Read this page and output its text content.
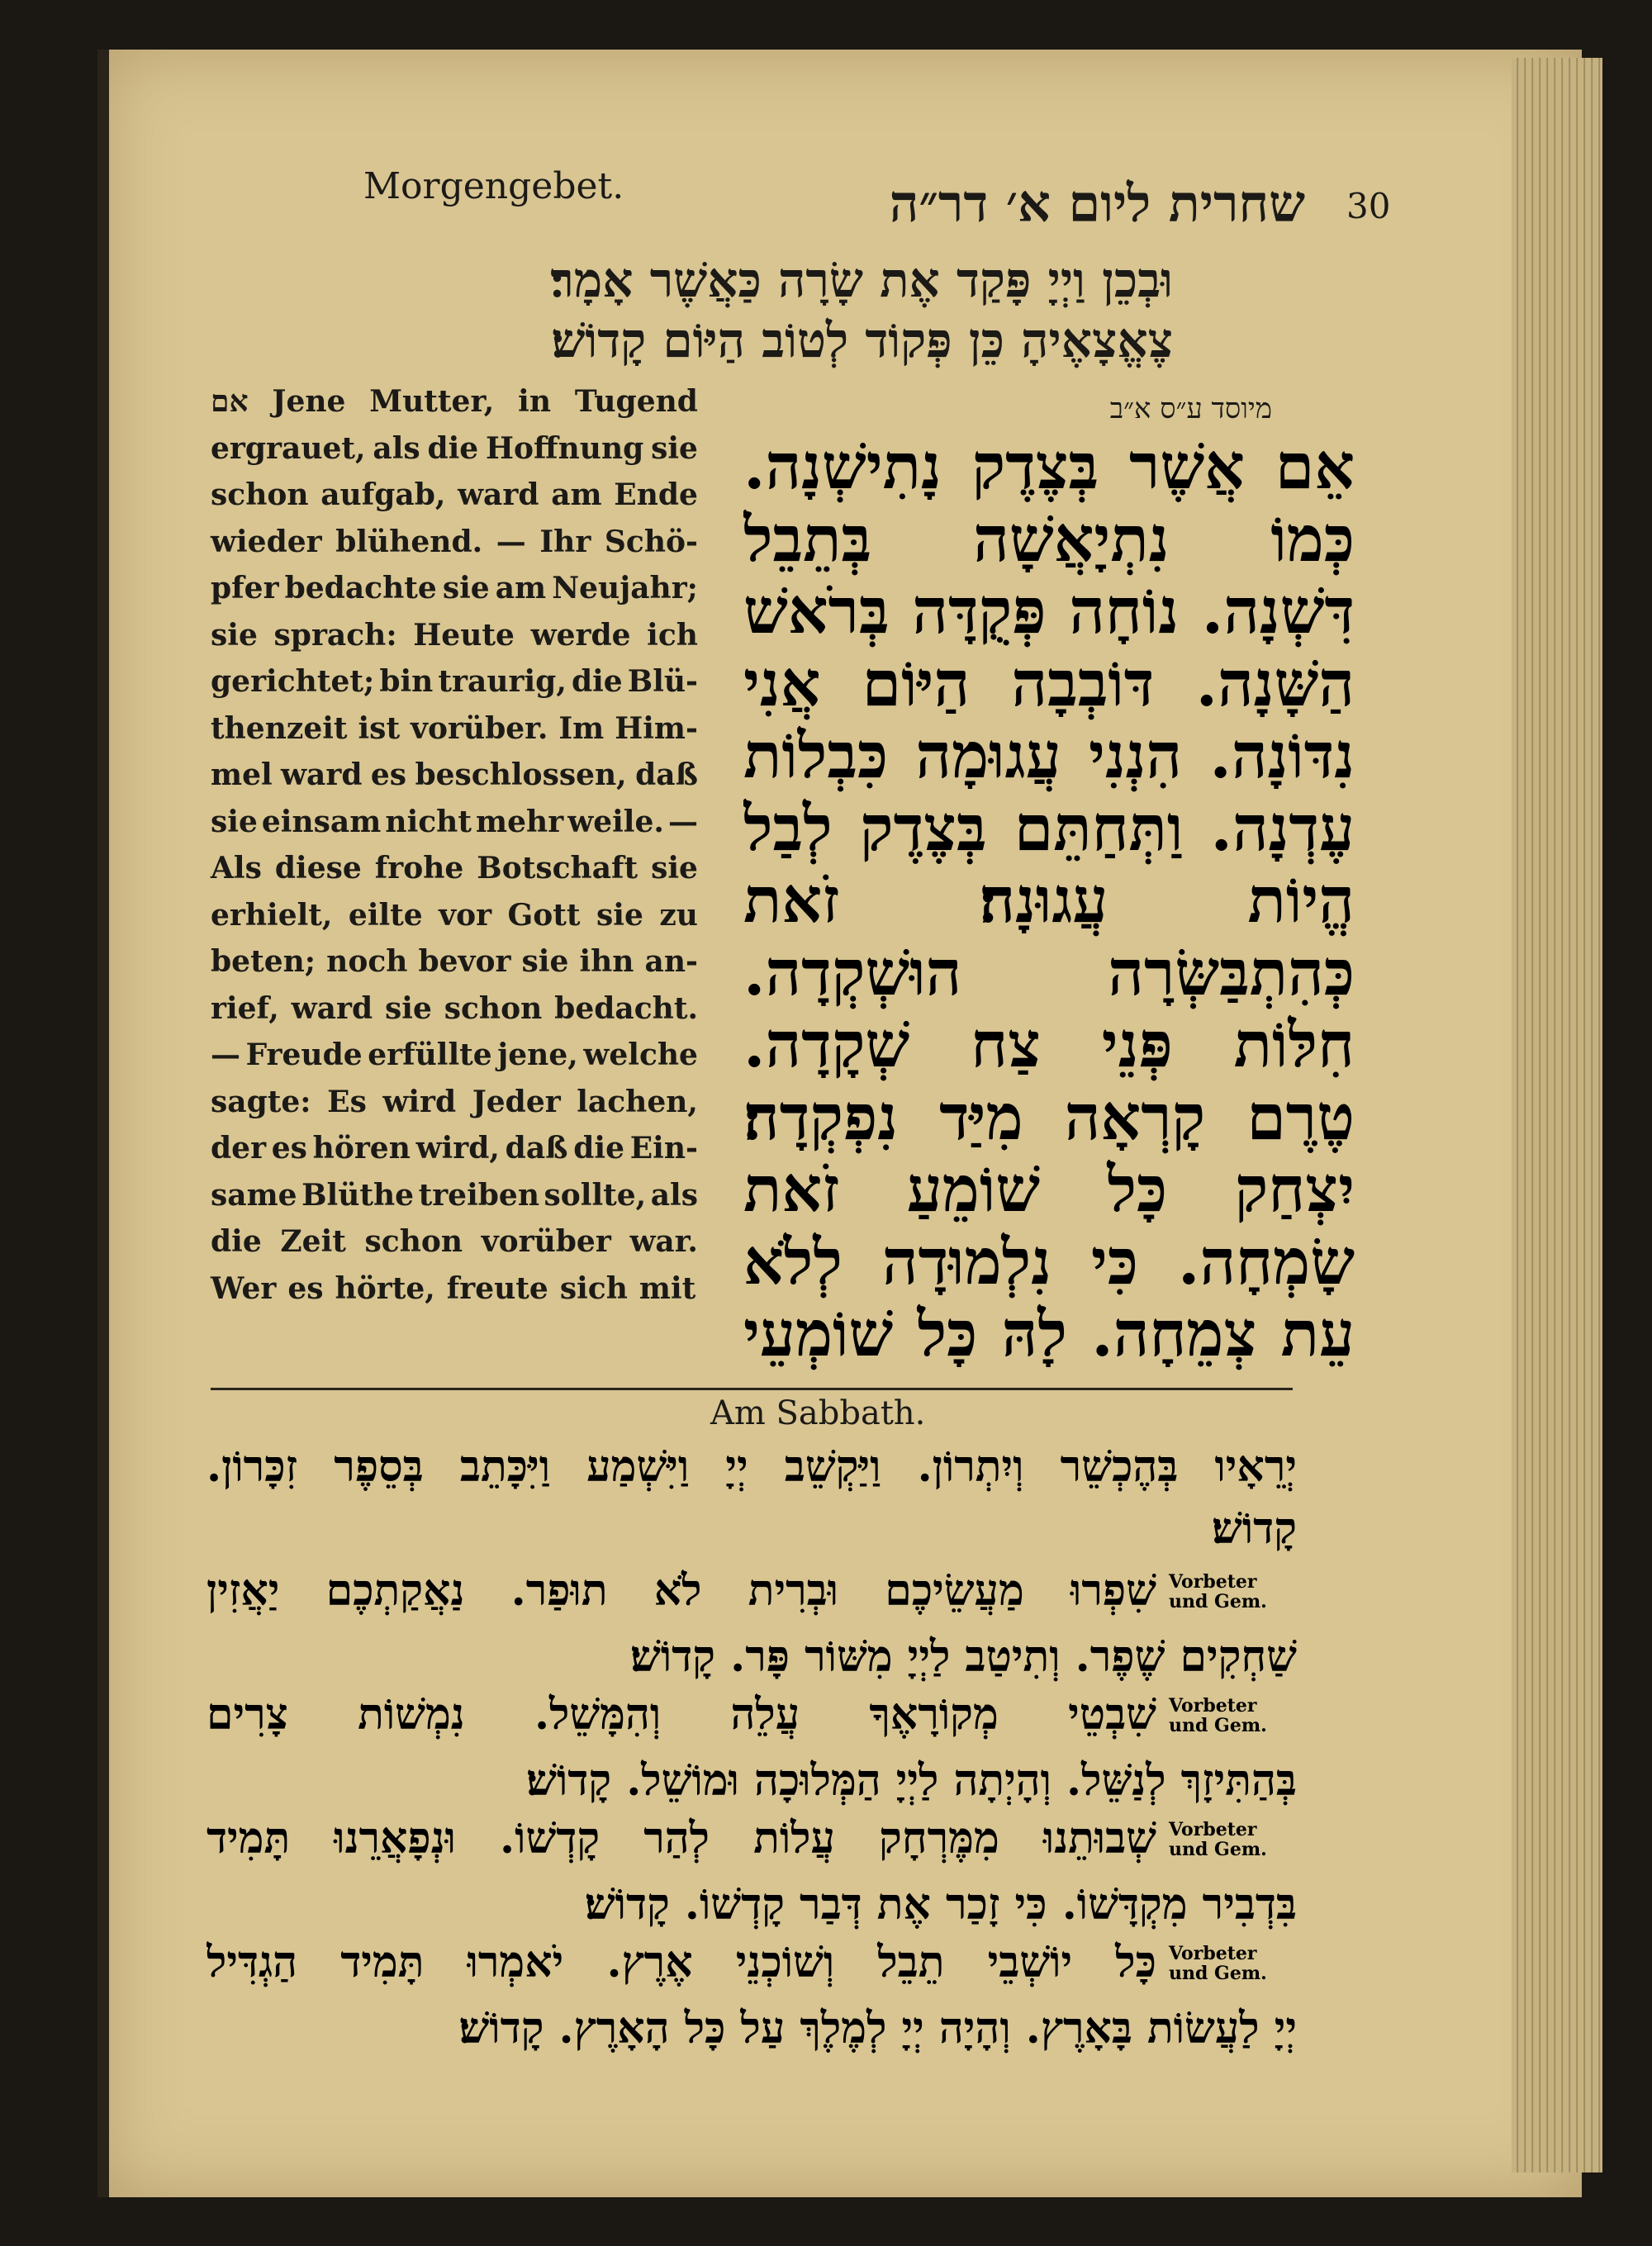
Morgengebet.	שחרית ליום א׳ דר״ה 30
וּבְכֵן וַיְיָ פָּקַד אֶת שָׂרָה כַּאֲשֶׁר אָמָר׃
צֶאֱצָאֶיהָ כֵּן פְּקוֹד לְטוֹב הַיּוֹם קָדוֹשׁ׃
מיוסד ע״ס א״ב
אם Jene Mutter, in Tugend
ergrauet, als die Hoffnung sie
schon aufgab, ward am Ende
wieder blühend. — Ihr Schö-
pfer bedachte sie am Neujahr;
sie sprach: Heute werde ich
gerichtet; bin traurig, die Blü-
thenzeit ist vorüber. Im Him-
mel ward es beschlossen, daß
sie einsam nicht mehr weile. —
Als diese frohe Botschaft sie
erhielt, eilte vor Gott sie zu
beten; noch bevor sie ihn an-
rief, ward sie schon bedacht.
— Freude erfüllte jene, welche
sagte: Es wird Jeder lachen,
der es hören wird, daß die Ein-
same Blüthe treiben sollte, als
die Zeit schon vorüber war.
Wer es hörte, freute sich mit
אֵם אֲשֶׁר בְּצֶדֶק נָתִישְׁנָה.
כְּמוֹ נִתְיָאֲשָׁה בְּתֵבֵל
דִּשְׁנָה. נוֹחָה פְּקֻדָּה בְּרֹאשׁ
הַשָּׁנָה. דּוֹבְבָה הַיּוֹם אֲנִי
נִדּוֹנָה. הִנְנִי עֲגוּמָה כִּבְלוֹת
עֶדְנָה. וַתְּחַתֵּם בְּצֶדֶק לְבַל
הֱיוֹת עֲגוּנָה׃ זֹאת
כְּהִתְבַּשְּׂרָה הוּשְׁקְדָה.
חִלּוֹת פְּנֵי צַח שְׁקָדָה.
טֶרֶם קָרְאָה מִיַּד נִפְקְדָה׃
יִצְחַק כָּל שׁוֹמֵעַ זֹאת
שָׂמְחָה. כִּי נִלְמוּדָה לְלֹא
עֵת צְמֵחָה. לָהּ כָּל שׁוֹמְעֵי
Am Sabbath.
יְרֵאָיו בְּהֶכְשֵׁר וְיִתְרוֹן. וַיַּקְשֵׁב יְיָ וַיִּשְׁמַע וַיִּכָּתֵב בְּסֵפֶר זִכָּרוֹן.
קָדוֹשׁ׃
שִׁפְרוּ מַעֲשֵׂיכֶם וּבְרִית לֹא תוּפַר. נַאֲקַתְכֶם יַאֲזִין
שַׁחְקִים שֶׁפֶר. וְתִיטַב לַיְיָ מִשּׁוֹר פָּר. קָדוֹשׁ׃
שִׁבְטֵי מְקוֹרָאֶךָ עֲלֵה וְהִמָּשֵׁל. נִמְשׁוֹת צָרִים
בְּהַתִּיזָךְ לְנַשֵּׁל. וְהָיְתָה לַיְיָ הַמְּלוּכָה וּמוֹשֵׁל. קָדוֹשׁ׃
שְׁבוּתֵנוּ מִמֶּרְחָק עֲלוֹת לְהַר קָדְשׁוֹ. וּנְפָאֲרֵנוּ תָּמִיד
בִּדְבִיר מִקְדָּשׁוֹ. כִּי זָכַר אֶת דְּבַר קָדְשׁוֹ. קָדוֹשׁ׃
כָּל יוֹשְׁבֵי תֵבֵל וְשׁוֹכְנֵי אֶרֶץ. יֹאמְרוּ תָּמִיד הַגְדִּיל
יְיָ לַעֲשׂוֹת בָּאָרֶץ. וְהָיָה יְיָ לְמֶלֶךְ עַל כָּל הָאָרֶץ. קָדוֹשׁ׃
Vorbeter
und Gem.
Vorbeter
und Gem.
Vorbeter
und Gem.
Vorbeter
und Gem.
